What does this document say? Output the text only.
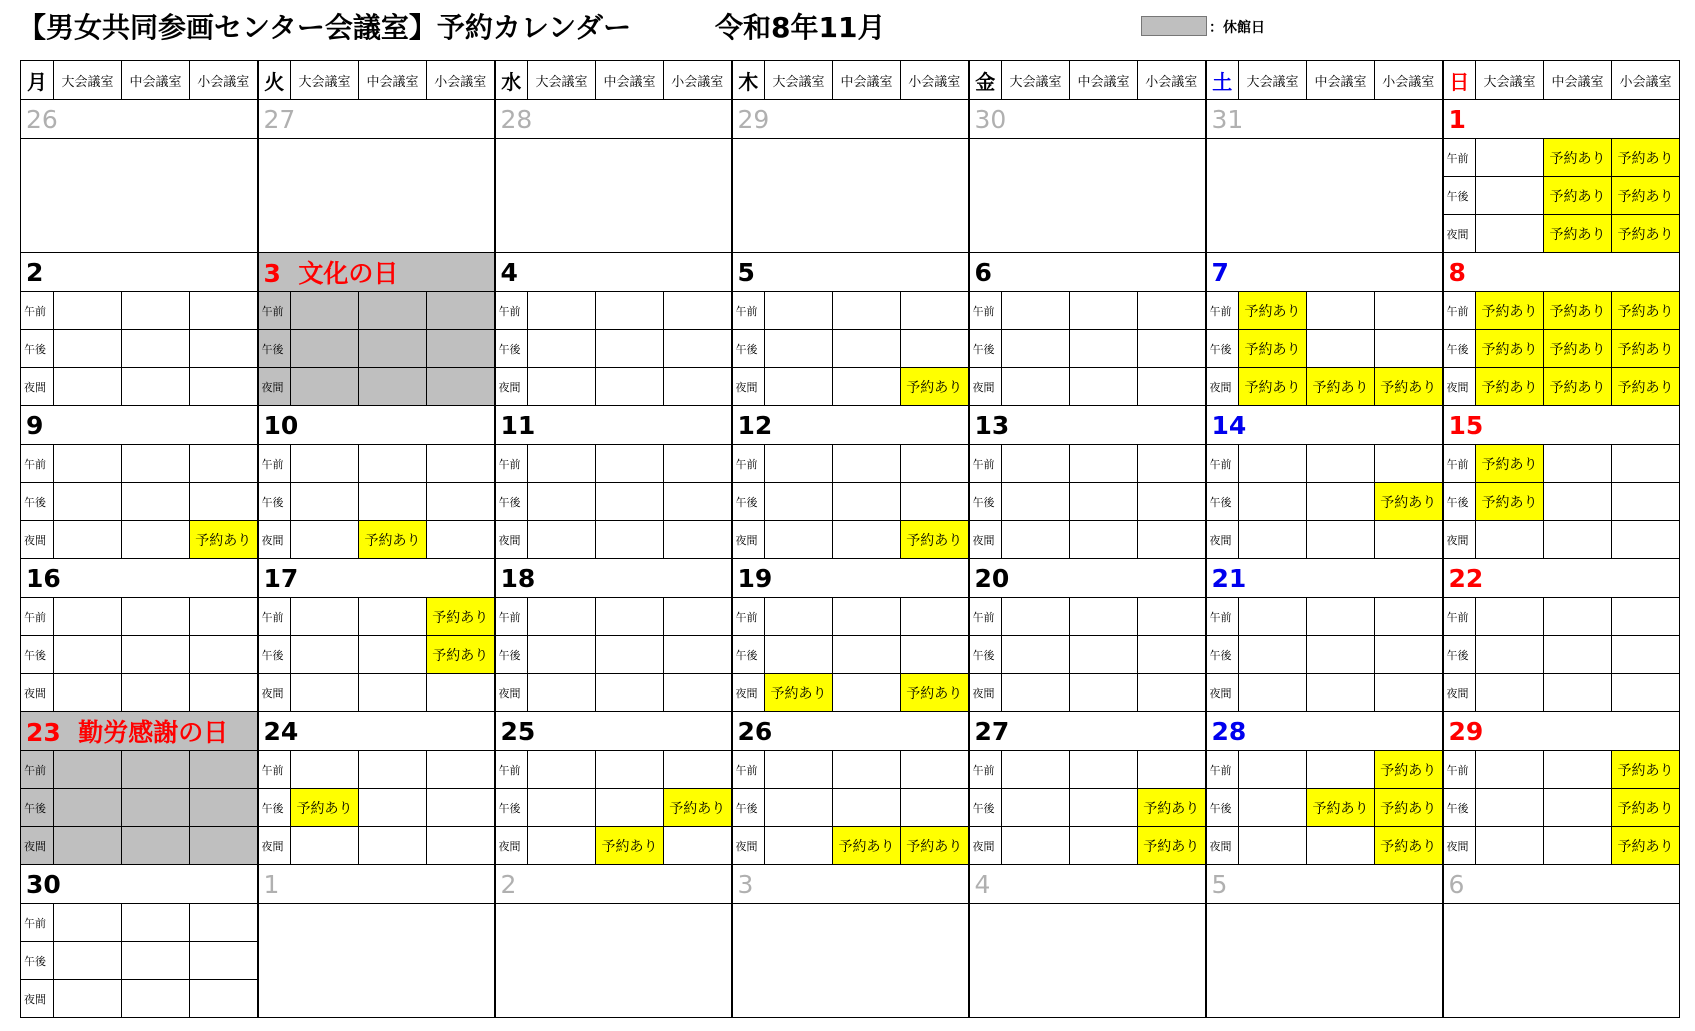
【男女共同参画センター会議室】予約カレンダー	令和8年11月	：休館日
月	大会議室	中会議室	小会議室	火	大会議室	中会議室	小会議室	水	大会議室	中会議室	小会議室	木	大会議室	中会議室	小会議室	金	大会議室	中会議室	小会議室	土	大会議室	中会議室	小会議室	日	大会議室	中会議室	小会議室
26				27				28				29				30				31				1			
																								午前		予約あり	予約あり
																								午後		予約あり	予約あり
																								夜間		予約あり	予約あり
2				3 文化の日				4				5				6				7				8			
午前				午前				午前				午前				午前				午前	予約あり			午前	予約あり	予約あり	予約あり
午後				午後				午後				午後				午後				午後	予約あり			午後	予約あり	予約あり	予約あり
夜間				夜間				夜間				夜間			予約あり	夜間				夜間	予約あり	予約あり	予約あり	夜間	予約あり	予約あり	予約あり
9				10				11				12				13				14				15			
午前				午前				午前				午前				午前				午前				午前	予約あり		
午後				午後				午後				午後				午後				午後			予約あり	午後	予約あり		
夜間			予約あり	夜間		予約あり		夜間				夜間			予約あり	夜間				夜間				夜間			
16				17				18				19				20				21				22			
午前				午前			予約あり	午前				午前				午前				午前				午前			
午後				午後			予約あり	午後				午後				午後				午後				午後			
夜間				夜間				夜間				夜間	予約あり		予約あり	夜間				夜間				夜間			
23 勤労感謝の日				24				25				26				27				28				29			
午前				午前				午前				午前				午前				午前			予約あり	午前			予約あり
午後				午後	予約あり			午後			予約あり	午後				午後			予約あり	午後		予約あり	予約あり	午後			予約あり
夜間				夜間				夜間		予約あり		夜間		予約あり	予約あり	夜間			予約あり	夜間			予約あり	夜間			予約あり
30				1				2				3				4				5				6			
午前																											
午後																											
夜間																											
